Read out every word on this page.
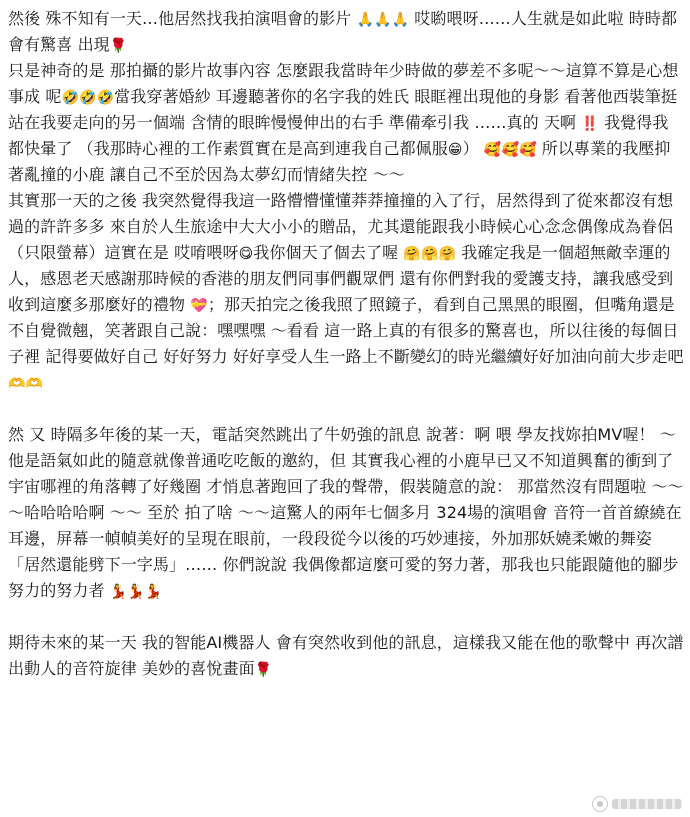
然後 殊不知有一天…他居然找我拍演唱會的影片 🙏🙏🙏 哎喲喂呀……人生就是如此啦 時時都會有驚喜 出現🌹

只是神奇的是 那拍攝的影片故事內容 怎麼跟我當時年少時做的夢差不多呢～～這算不算是心想事成 呢🤣🤣🤣當我穿著婚紗 耳邊聽著你的名字我的姓氏 眼眶裡出現他的身影 看著他西裝筆挺站在我要走向的另一個端 含情的眼眸慢慢伸出的右手 準備牽引我 ……真的 天啊 ‼️ 我覺得我都快暈了 （我那時心裡的工作素質實在是高到連我自己都佩服😁） 🥰🥰🥰 所以專業的我壓抑著亂撞的小鹿 讓自己不至於因為太夢幻而情緒失控 ～～

其實那一天的之後 我突然覺得我這一路懵懵懂懂莽莽撞撞的入了行，居然得到了從來都沒有想過的許許多多 來自於人生旅途中大大小小的贈品，尤其還能跟我小時候心心念念偶像成為眷侶 （只限螢幕）這實在是 哎唷喂呀😋我你個天了個去了喔 🤗🤗🤗 我確定我是一個超無敵幸運的人，感恩老天感謝那時候的香港的朋友們同事們觀眾們 還有你們對我的愛護支持，讓我感受到收到這麼多那麼好的禮物 💝；那天拍完之後我照了照鏡子，看到自己黑黑的眼圈，但嘴角還是不自覺微翹，笑著跟自己說：嘿嘿嘿 ～看看 這一路上真的有很多的驚喜也，所以往後的每個日子裡 記得要做好自己 好好努力 好好享受人生一路上不斷變幻的時光繼續好好加油向前大步走吧 🫶🫶

然 又 時隔多年後的某一天，電話突然跳出了牛奶強的訊息 說著：啊 喂 學友找妳拍MV喔！ ～他是語氣如此的隨意就像普通吃吃飯的邀約，但 其實我心裡的小鹿早已又不知道興奮的衝到了宇宙哪裡的角落轉了好幾圈 才悄息著跑回了我的聲帶，假裝隨意的說： 那當然沒有問題啦 ～～～哈哈哈哈啊 ～～ 至於 拍了啥 ～～這驚人的兩年七個多月 324場的演唱會 音符一首首繚繞在耳邊，屏幕一幀幀美好的呈現在眼前，一段段從今以後的巧妙連接，外加那妖嬈柔嫩的舞姿「居然還能劈下一字馬」…… 你們說說 我偶像都這麼可愛的努力著，那我也只能跟隨他的腳步努力的努力者 💃💃💃

期待未來的某一天 我的智能AI機器人 會有突然收到他的訊息，這樣我又能在他的歌聲中 再次譜出動人的音符旋律 美妙的喜悅畫面🌹
